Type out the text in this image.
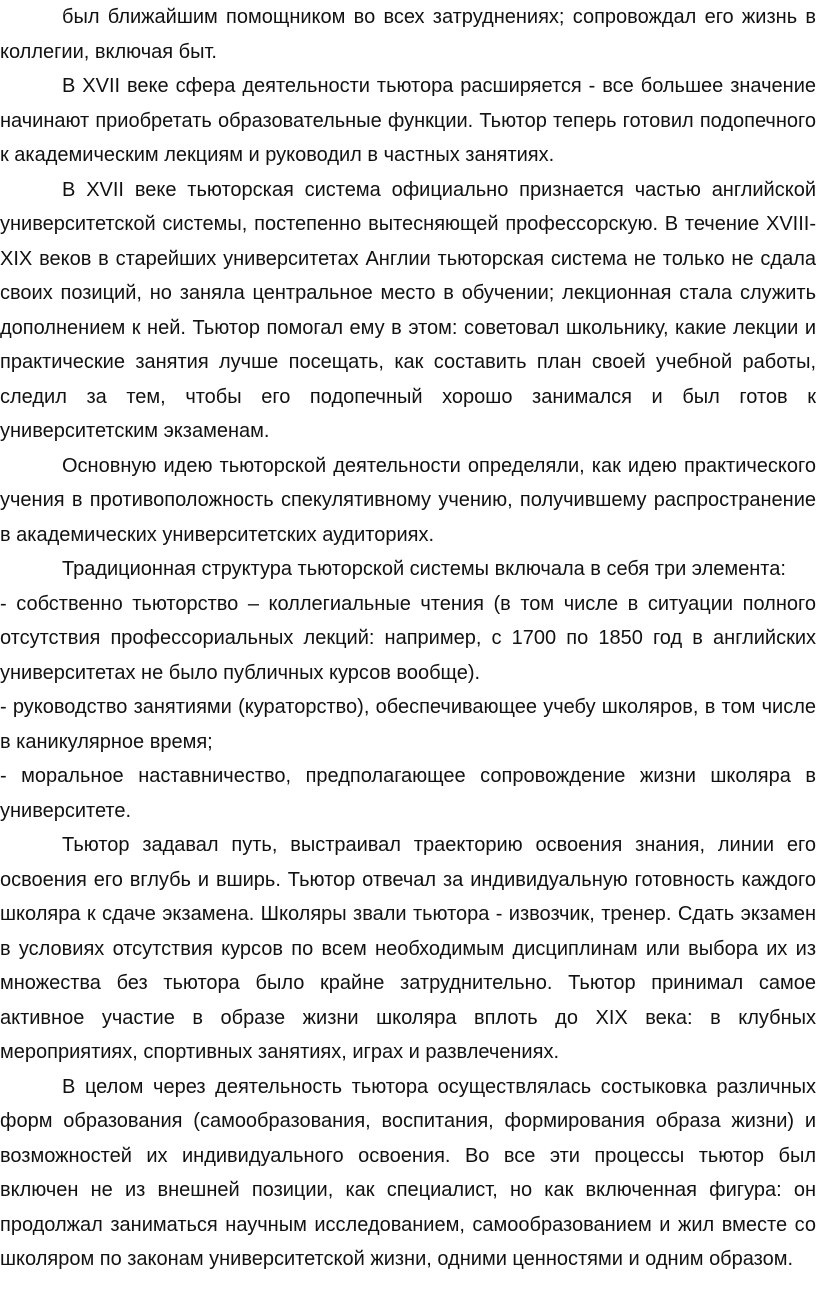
был ближайшим помощником во всех затруднениях; сопровождал его жизнь в коллегии, включая быт.

В XVII веке сфера деятельности тьютора расширяется - все большее значение начинают приобретать образовательные функции. Тьютор теперь готовил подопечного к академическим лекциям и руководил в частных занятиях.

В XVII веке тьюторская система официально признается частью английской университетской системы, постепенно вытесняющей профессорскую. В течение XVIII-XIX веков в старейших университетах Англии тьюторская система не только не сдала своих позиций, но заняла центральное место в обучении; лекционная стала служить дополнением к ней. Тьютор помогал ему в этом: советовал школьнику, какие лекции и практические занятия лучше посещать, как составить план своей учебной работы, следил за тем, чтобы его подопечный хорошо занимался и был готов к университетским экзаменам.

Основную идею тьюторской деятельности определяли, как идею практического учения в противоположность спекулятивному учению, получившему распространение в академических университетских аудиториях.

Традиционная структура тьюторской системы включала в себя три элемента:

- собственно тьюторство – коллегиальные чтения (в том числе в ситуации полного отсутствия профессориальных лекций: например, с 1700 по 1850 год в английских университетах не было публичных курсов вообще).

- руководство занятиями (кураторство), обеспечивающее учебу школяров, в том числе в каникулярное время;

- моральное наставничество, предполагающее сопровождение жизни школяра в университете.

Тьютор задавал путь, выстраивал траекторию освоения знания, линии его освоения его вглубь и вширь. Тьютор отвечал за индивидуальную готовность каждого школяра к сдаче экзамена. Школяры звали тьютора - извозчик, тренер. Сдать экзамен в условиях отсутствия курсов по всем необходимым дисциплинам или выбора их из множества без тьютора было крайне затруднительно. Тьютор принимал самое активное участие в образе жизни школяра вплоть до XIX века: в клубных мероприятиях, спортивных занятиях, играх и развлечениях.

В целом через деятельность тьютора осуществлялась состыковка различных форм образования (самообразования, воспитания, формирования образа жизни) и возможностей их индивидуального освоения. Во все эти процессы тьютор был включен не из внешней позиции, как специалист, но как включенная фигура: он продолжал заниматься научным исследованием, самообразованием и жил вместе со школяром по законам университетской жизни, одними ценностями и одним образом.
